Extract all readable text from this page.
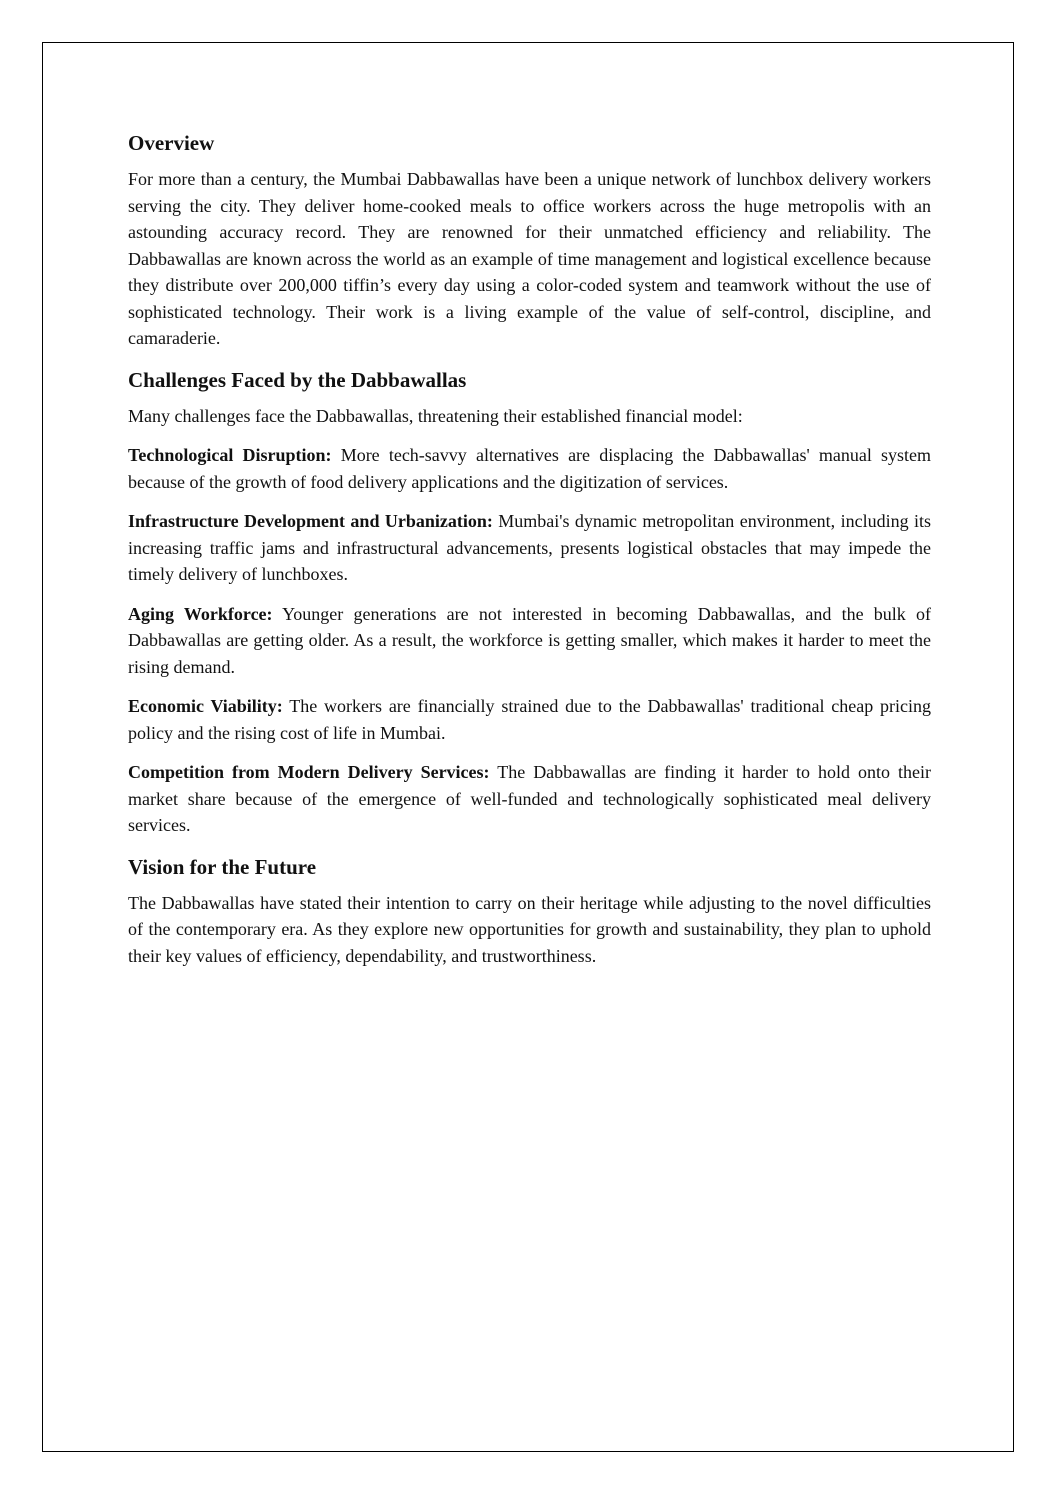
Overview

For more than a century, the Mumbai Dabbawallas have been a unique network of lunchbox delivery workers serving the city. They deliver home-cooked meals to office workers across the huge metropolis with an astounding accuracy record. They are renowned for their unmatched efficiency and reliability. The Dabbawallas are known across the world as an example of time management and logistical excellence because they distribute over 200,000 tiffin’s every day using a color-coded system and teamwork without the use of sophisticated technology. Their work is a living example of the value of self-control, discipline, and camaraderie.

Challenges Faced by the Dabbawallas

Many challenges face the Dabbawallas, threatening their established financial model:

Technological Disruption: More tech-savvy alternatives are displacing the Dabbawallas' manual system because of the growth of food delivery applications and the digitization of services.

Infrastructure Development and Urbanization: Mumbai's dynamic metropolitan environment, including its increasing traffic jams and infrastructural advancements, presents logistical obstacles that may impede the timely delivery of lunchboxes.

Aging Workforce: Younger generations are not interested in becoming Dabbawallas, and the bulk of Dabbawallas are getting older. As a result, the workforce is getting smaller, which makes it harder to meet the rising demand.

Economic Viability: The workers are financially strained due to the Dabbawallas' traditional cheap pricing policy and the rising cost of life in Mumbai.

Competition from Modern Delivery Services: The Dabbawallas are finding it harder to hold onto their market share because of the emergence of well-funded and technologically sophisticated meal delivery services.

Vision for the Future

The Dabbawallas have stated their intention to carry on their heritage while adjusting to the novel difficulties of the contemporary era. As they explore new opportunities for growth and sustainability, they plan to uphold their key values of efficiency, dependability, and trustworthiness.
